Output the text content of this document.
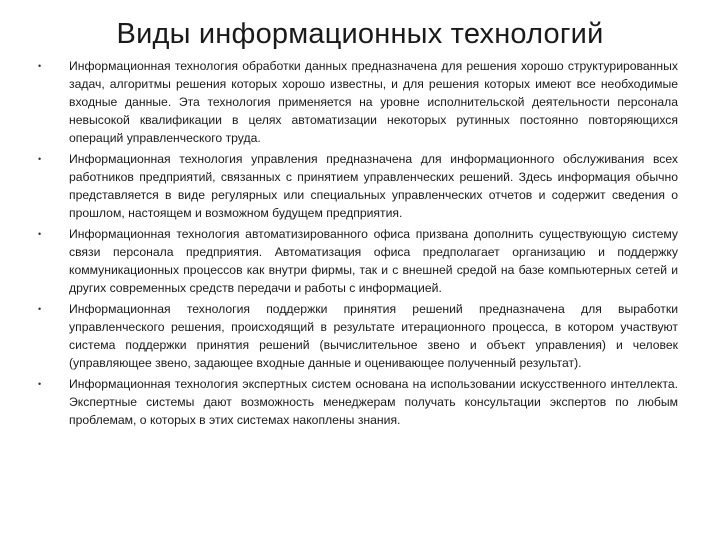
Виды информационных технологий
•	Информационная технология обработки данных предназначена для решения хорошо структурированных задач, алгоритмы решения которых хорошо известны, и для решения которых имеют все необходимые входные данные. Эта технология применяется на уровне исполнительской деятельности персонала невысокой квалификации в целях автоматизации некоторых рутинных постоянно повторяющихся операций управленческого труда.
•	Информационная технология управления предназначена для информационного обслуживания всех работников предприятий, связанных с принятием управленческих решений. Здесь информация обычно представляется в виде регулярных или специальных управленческих отчетов и содержит сведения о прошлом, настоящем и возможном будущем предприятия.
•	Информационная технология автоматизированного офиса призвана дополнить существующую систему связи персонала предприятия. Автоматизация офиса предполагает организацию и поддержку коммуникационных процессов как внутри фирмы, так и с внешней средой на базе компьютерных сетей и других современных средств передачи и работы с информацией.
•	Информационная технология поддержки принятия решений предназначена для выработки управленческого решения, происходящий в результате итерационного процесса, в котором участвуют система поддержки принятия решений (вычислительное звено и объект управления) и человек (управляющее звено, задающее входные данные и оценивающее полученный результат).
•	Информационная технология экспертных систем основана на использовании искусственного интеллекта. Экспертные системы дают возможность менеджерам получать консультации экспертов по любым проблемам, о которых в этих системах накоплены знания.
